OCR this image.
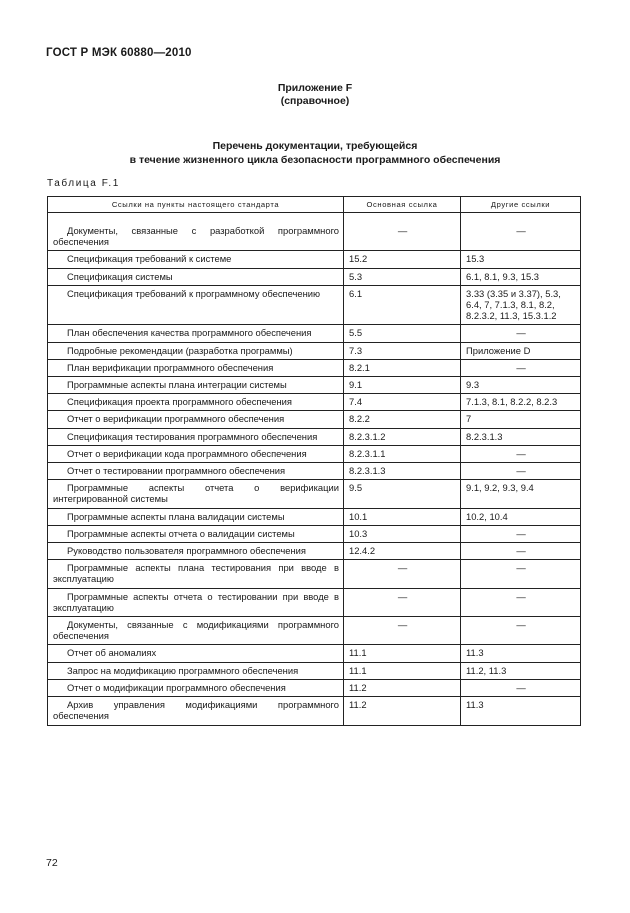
ГОСТ Р МЭК 60880—2010
Приложение F
(справочное)
Перечень документации, требующейся
в течение жизненного цикла безопасности программного обеспечения
Таблица F.1
Ссылки на пункты настоящего стандарта	Основная ссылка	Другие ссылки

Документы, связанные с разработкой программного обеспечения	—	—
Спецификация требований к системе	15.2	15.3
Спецификация системы	5.3	6.1, 8.1, 9.3, 15.3
Спецификация требований к программному обеспечению	6.1	3.33 (3.35 и 3.37), 5.3, 6.4, 7, 7.1.3, 8.1, 8.2, 8.2.3.2, 11.3, 15.3.1.2
План обеспечения качества программного обеспечения	5.5	—
Подробные рекомендации (разработка программы)	7.3	Приложение D
План верификации программного обеспечения	8.2.1	—
Программные аспекты плана интеграции системы	9.1	9.3
Спецификация проекта программного обеспечения	7.4	7.1.3, 8.1, 8.2.2, 8.2.3
Отчет о верификации программного обеспечения	8.2.2	7
Спецификация тестирования программного обеспечения	8.2.3.1.2	8.2.3.1.3
Отчет о верификации кода программного обеспечения	8.2.3.1.1	—
Отчет о тестировании программного обеспечения	8.2.3.1.3	—
Программные аспекты отчета о верификации интегрированной системы	9.5	9.1, 9.2, 9.3, 9.4
Программные аспекты плана валидации системы	10.1	10.2, 10.4
Программные аспекты отчета о валидации системы	10.3	—
Руководство пользователя программного обеспечения	12.4.2	—
Программные аспекты плана тестирования при вводе в эксплуатацию	—	—
Программные аспекты отчета о тестировании при вводе в эксплуатацию	—	—
Документы, связанные с модификациями программного обеспечения	—	—
Отчет об аномалиях	11.1	11.3
Запрос на модификацию программного обеспечения	11.1	11.2, 11.3
Отчет о модификации программного обеспечения	11.2	—
Архив управления модификациями программного обеспечения	11.2	11.3
72
